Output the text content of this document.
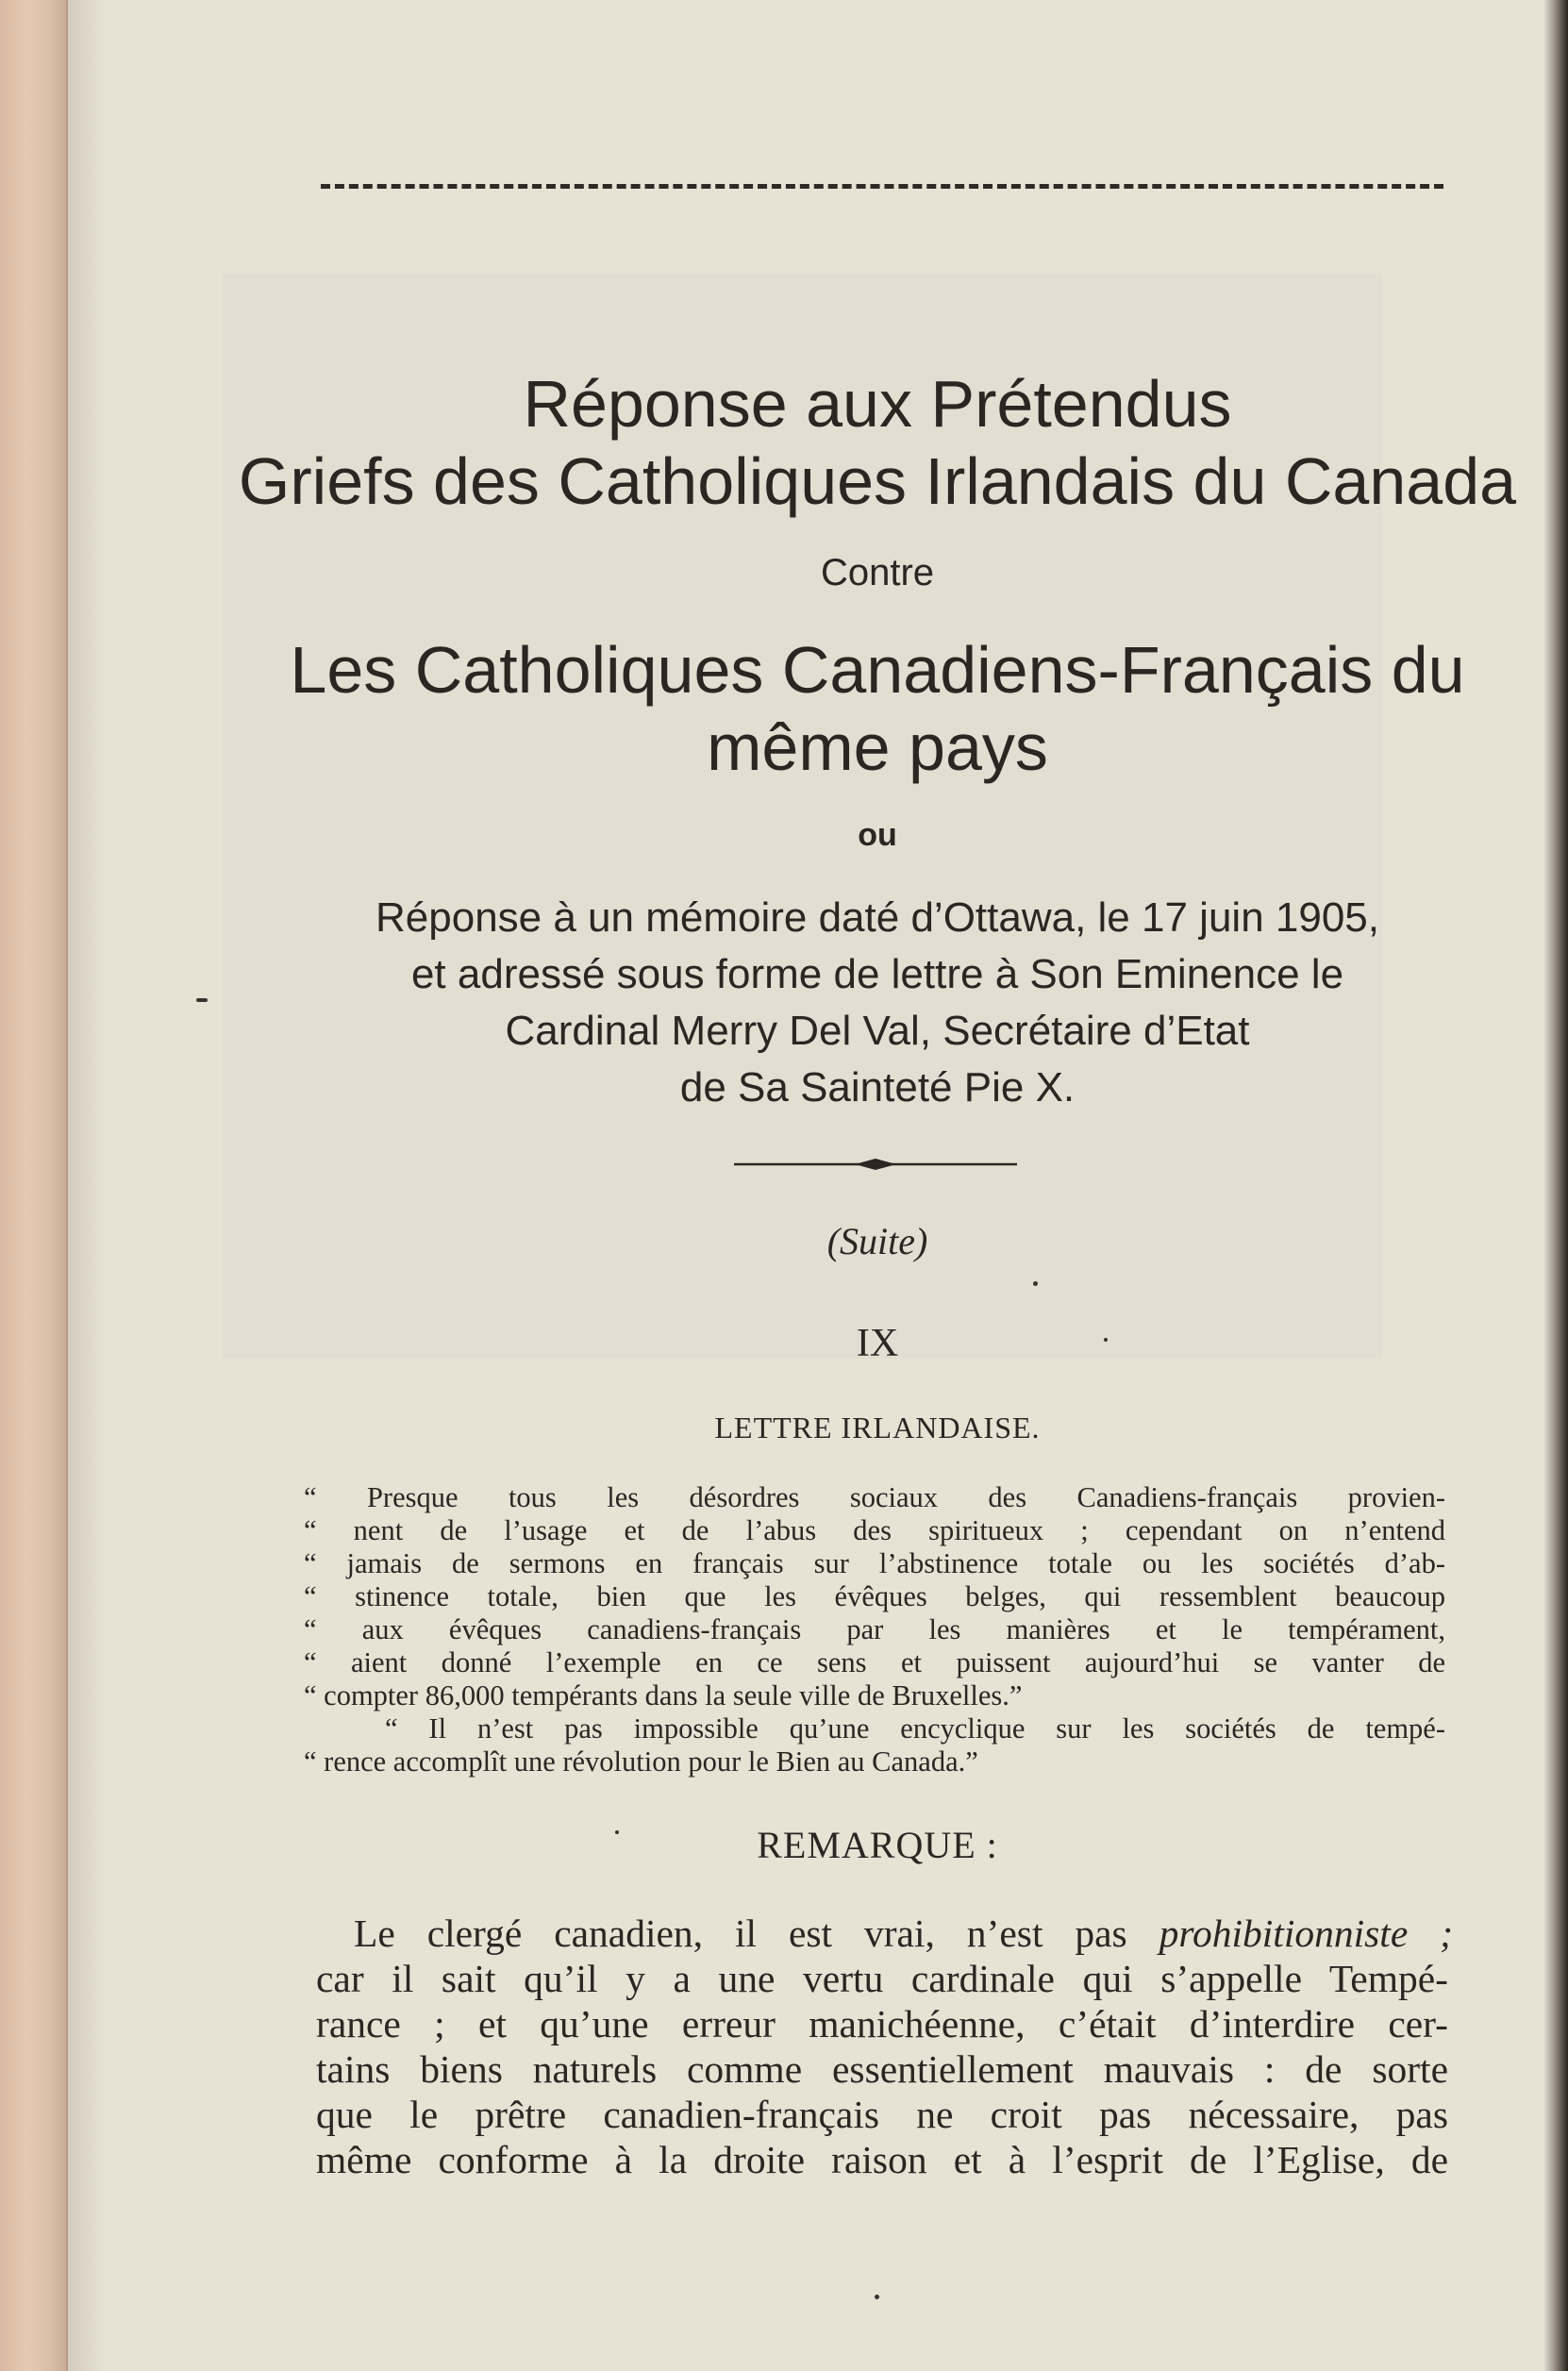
Réponse aux Prétendus
Griefs des Catholiques Irlandais du Canada
Contre
Les Catholiques Canadiens-Français du
même pays
ou
Réponse à un mémoire daté d’Ottawa, le 17 juin 1905,
et adressé sous forme de lettre à Son Eminence le
Cardinal Merry Del Val, Secrétaire d’Etat
de Sa Sainteté Pie X.
(Suite)
IX
LETTRE IRLANDAISE.
“ Presque tous les désordres sociaux des Canadiens-français provien-
“ nent de l’usage et de l’abus des spiritueux ; cependant on n’entend
“ jamais de sermons en français sur l’abstinence totale ou les sociétés d’ab-
“ stinence totale, bien que les évêques belges, qui ressemblent beaucoup
“ aux évêques canadiens-français par les manières et le tempérament,
“ aient donné l’exemple en ce sens et puissent aujourd’hui se vanter de
“ compter 86,000 tempérants dans la seule ville de Bruxelles.”
“ Il n’est pas impossible qu’une encyclique sur les sociétés de tempé-
“ rence accomplît une révolution pour le Bien au Canada.”
REMARQUE :
Le clergé canadien, il est vrai, n’est pas prohibitionniste ;
car il sait qu’il y a une vertu cardinale qui s’appelle Tempé-
rance ; et qu’une erreur manichéenne, c’était d’interdire cer-
tains biens naturels comme essentiellement mauvais : de sorte
que le prêtre canadien-français ne croit pas nécessaire, pas
même conforme à la droite raison et à l’esprit de l’Eglise, de
